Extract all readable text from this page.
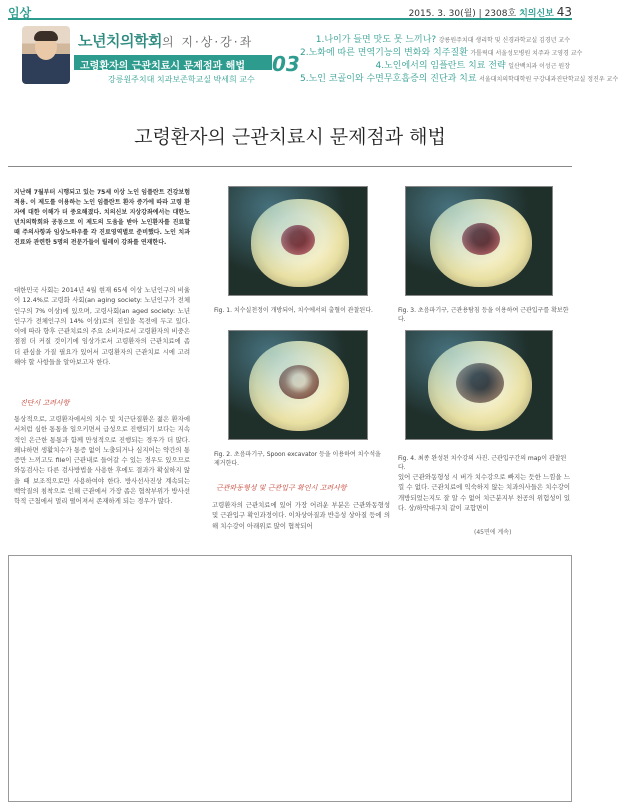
임상	2015. 3. 30(월) | 2308호 치의신보 43
노년치의학회의 지·상·강·좌
고령환자의 근관치료시 문제점과 해법	03
강릉원주치대 치과보존학교실 박세희 교수
1.나이가 들면 맛도 못 느끼나? 강릉원주치대 생리학 및 신경과학교실 김경년 교수
2.노화에 따른 면역기능의 변화와 치주질환 가톨릭대 서울성모병원 치주과 고영경 교수
4.노인에서의 임플란트 치료 전략 일산백치과 이성근 원장
5.노인 코골이와 수면무호흡증의 진단과 치료 서울대치의학대학원 구강내과진단학교실 정진우 교수
고령환자의 근관치료시 문제점과 해법
지난해 7월부터 시행되고 있는 75세 이상 노인 임플란트 건강보험 적용. 이 제도를 이용하는 노인 임플란트 환자 증가에 따라 고령 환자에 대한 이해가 더 중요해졌다. 치의신보 지상강좌에서는 대한노년치의학회와 공동으로 이 제도의 도움을 받아 노인환자를 진료할 때 주의사항과 임상노하우를 각 진료영역별로 준비했다. 노인 치과진료와 관련한 5명의 전문가들이 릴레이 강좌를 연재한다.
대한민국 사회는 2014년 4월 현재 65세 이상 노년인구의 비율이 12.4%로 고령화 사회(an aging society: 노년인구가 전체인구의 7% 이상)에 있으며, 고령사회(an aged society: 노년인구가 전체인구의 14% 이상)로의 진입을 목전에 두고 있다. 이에 따라 향후 근관치료의 주요 소비자로서 고령환자의 비중은 점점 더 커질 것이기에 임상가로서 고령환자의 근관치료에 좀 더 관심을 가질 필요가 있어서 고령환자의 근관치료 시에 고려해야 할 사항들을 알아보고자 한다.
진단시 고려사항
통상적으로, 고령환자에서의 치수 및 치근단질환은 젊은 환자에서처럼 심한 통통을 일으키면서 급성으로 진행되기 보다는 지속적인 은근한 통통과 함께 만성적으로 진행되는 경우가 더 많다. 왜냐하면 생활치수가 통증 없이 노출되거나 심지어는 약간의 통증만 느끼고도 file이 근관내로 들어갈 수 있는 경우도 있으므로 와동검사는 다른 검사방법을 사용한 후에도 결과가 확실하지 않을 때 보조적으로만 사용하여야 한다. 방사선사진상 계속되는 백악질의 침착으로 인해 근관에서 가장 좁은 협착부위가 방사선학적 근첨에서 멀리 떨어져서 존재하게 되는 경우가 많다.
Fig. 1. 치수실천정이 개방되어, 치수에서의 출혈이 관찰된다.	Fig. 3. 초음파기구, 근관용탐침 등을 이용하여 근관입구를 확보한다.
Fig. 2. 초음파기구, Spoon excavator 등을 이용하여 치수석을 제거한다.
Fig. 4. 최종 완성된 치수강의 사진. 근관입구간의 map이 관찰된다.
근관와동형성 및 근관입구 확인시 고려사항
고령환자의 근관치료에 있어 가장 어려운 부분은 근관와동형성 및 근관입구 확인과정이다. 이차상아질과 반응성 상아질 등에 의해 치수강이 아래위로 많이 협착되어
있어 근관와동형성 시 버가 치수강으로 빠지는 듯한 느낌을 느낄 수 없다. 근관치료에 익숙하지 않는 치과의사들은 치수강이 개방되었는지도 잘 알 수 없어 치근분지부 천공의 위험성이 있다. 상/하악대구치 같이 교합면이
(45면에 계속)
